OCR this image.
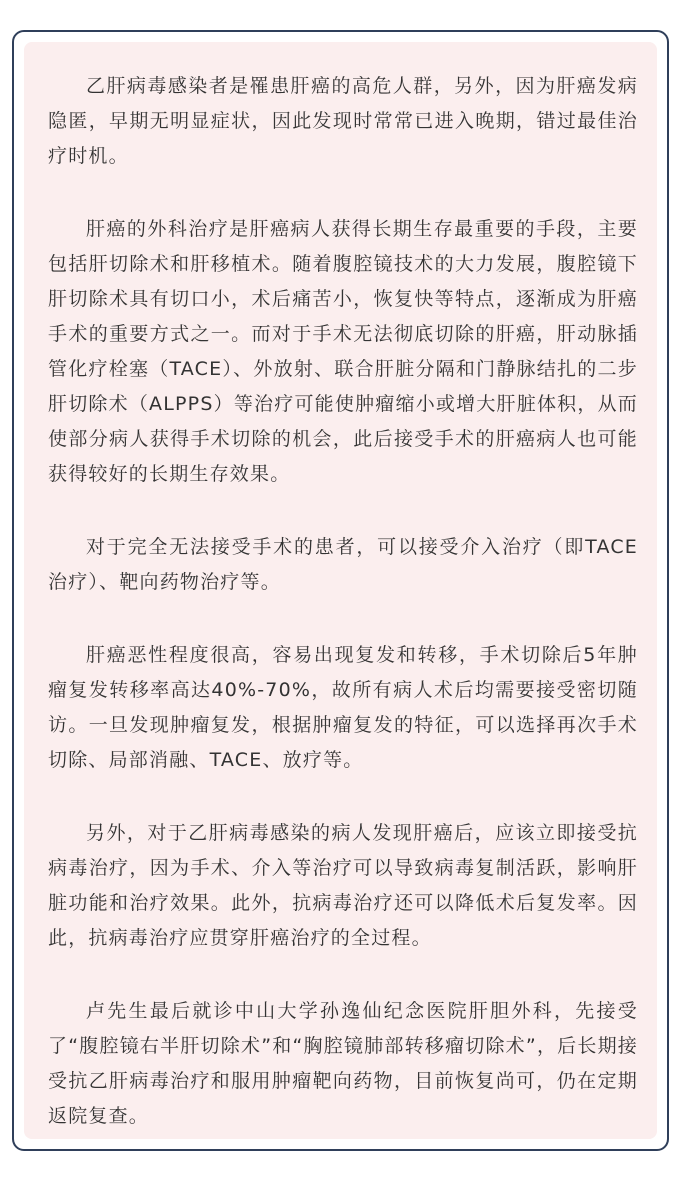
乙肝病毒感染者是罹患肝癌的高危人群，另外，因为肝癌发病隐匿，早期无明显症状，因此发现时常常已进入晚期，错过最佳治疗时机。

肝癌的外科治疗是肝癌病人获得长期生存最重要的手段，主要包括肝切除术和肝移植术。随着腹腔镜技术的大力发展，腹腔镜下肝切除术具有切口小，术后痛苦小，恢复快等特点，逐渐成为肝癌手术的重要方式之一。而对于手术无法彻底切除的肝癌，肝动脉插管化疗栓塞（TACE）、外放射、联合肝脏分隔和门静脉结扎的二步肝切除术（ALPPS）等治疗可能使肿瘤缩小或增大肝脏体积，从而使部分病人获得手术切除的机会，此后接受手术的肝癌病人也可能获得较好的长期生存效果。

对于完全无法接受手术的患者，可以接受介入治疗（即TACE治疗）、靶向药物治疗等。

肝癌恶性程度很高，容易出现复发和转移，手术切除后5年肿瘤复发转移率高达40%-70%，故所有病人术后均需要接受密切随访。一旦发现肿瘤复发，根据肿瘤复发的特征，可以选择再次手术切除、局部消融、TACE、放疗等。

另外，对于乙肝病毒感染的病人发现肝癌后，应该立即接受抗病毒治疗，因为手术、介入等治疗可以导致病毒复制活跃，影响肝脏功能和治疗效果。此外，抗病毒治疗还可以降低术后复发率。因此，抗病毒治疗应贯穿肝癌治疗的全过程。

卢先生最后就诊中山大学孙逸仙纪念医院肝胆外科，先接受了“腹腔镜右半肝切除术”和“胸腔镜肺部转移瘤切除术”，后长期接受抗乙肝病毒治疗和服用肿瘤靶向药物，目前恢复尚可，仍在定期返院复查。
